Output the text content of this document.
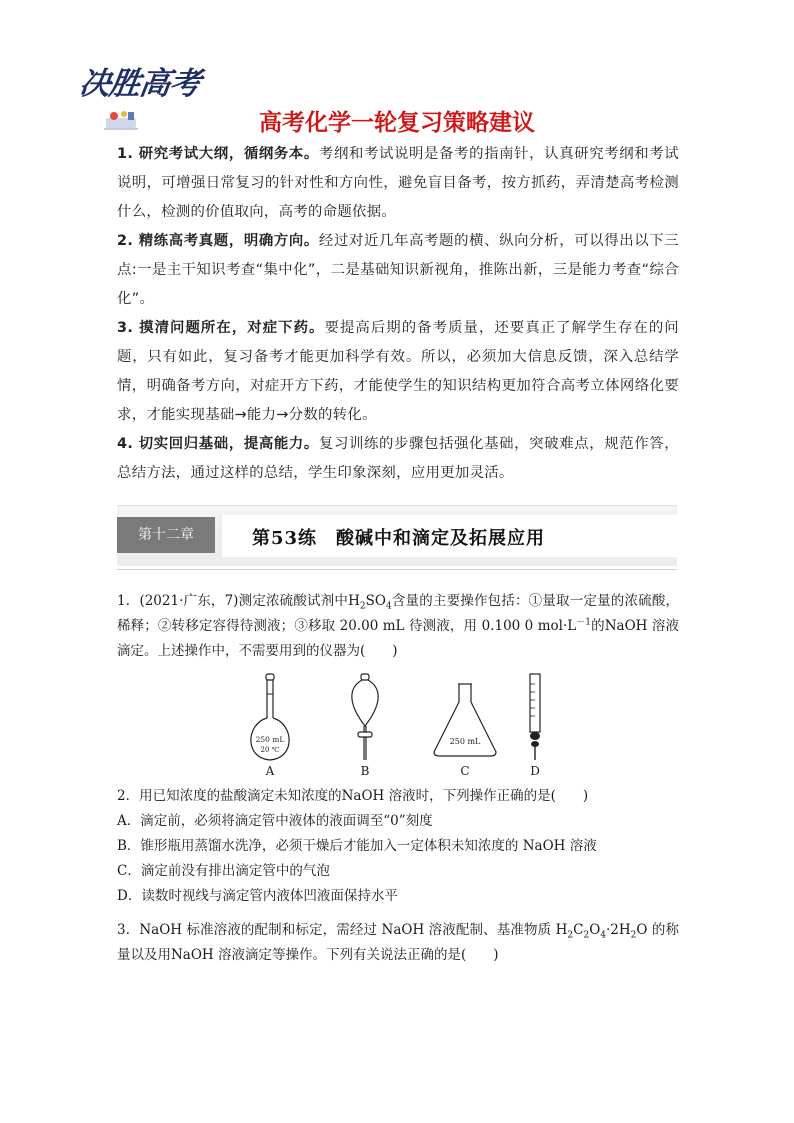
决胜高考
高考化学一轮复习策略建议

1. 研究考试大纲，循纲务本。考纲和考试说明是备考的指南针，认真研究考纲和考试说明，可增强日常复习的针对性和方向性，避免盲目备考，按方抓药，弄清楚高考检测什么，检测的价值取向，高考的命题依据。

2. 精练高考真题，明确方向。经过对近几年高考题的横、纵向分析，可以得出以下三点:一是主干知识考查“集中化”，二是基础知识新视角，推陈出新，三是能力考查“综合化”。

3. 摸清问题所在，对症下药。要提高后期的备考质量，还要真正了解学生存在的问题，只有如此，复习备考才能更加科学有效。所以，必须加大信息反馈，深入总结学情，明确备考方向，对症开方下药，才能使学生的知识结构更加符合高考立体网络化要求，才能实现基础→能力→分数的转化。

4. 切实回归基础，提高能力。复习训练的步骤包括强化基础，突破难点，规范作答，总结方法，通过这样的总结，学生印象深刻，应用更加灵活。

第十二章	第53练　酸碱中和滴定及拓展应用

1．(2021·广东，7)测定浓硫酸试剂中$H_2SO_4$含量的主要操作包括：①量取一定量的浓硫酸，稀释；②转移定容得待测液；③移取 20.00 mL 待测液，用 0.100 0 $mol\cdot L^{-1}$的NaOH 溶液滴定。上述操作中，不需要用到的仪器为(　　)

250 mL
20 ℃
A	B
250 mL
C	D

2．用已知浓度的盐酸滴定未知浓度的NaOH 溶液时，下列操作正确的是(　　)

A．滴定前，必须将滴定管中液体的液面调至“0”刻度

B．锥形瓶用蒸馏水洗净，必须干燥后才能加入一定体积未知浓度的 NaOH 溶液

C．滴定前没有排出滴定管中的气泡

D．读数时视线与滴定管内液体凹液面保持水平

3．NaOH 标准溶液的配制和标定，需经过 NaOH 溶液配制、基准物质 $H_2C_2O_4\cdot 2H_2O$ 的称量以及用NaOH 溶液滴定等操作。下列有关说法正确的是(　　)
